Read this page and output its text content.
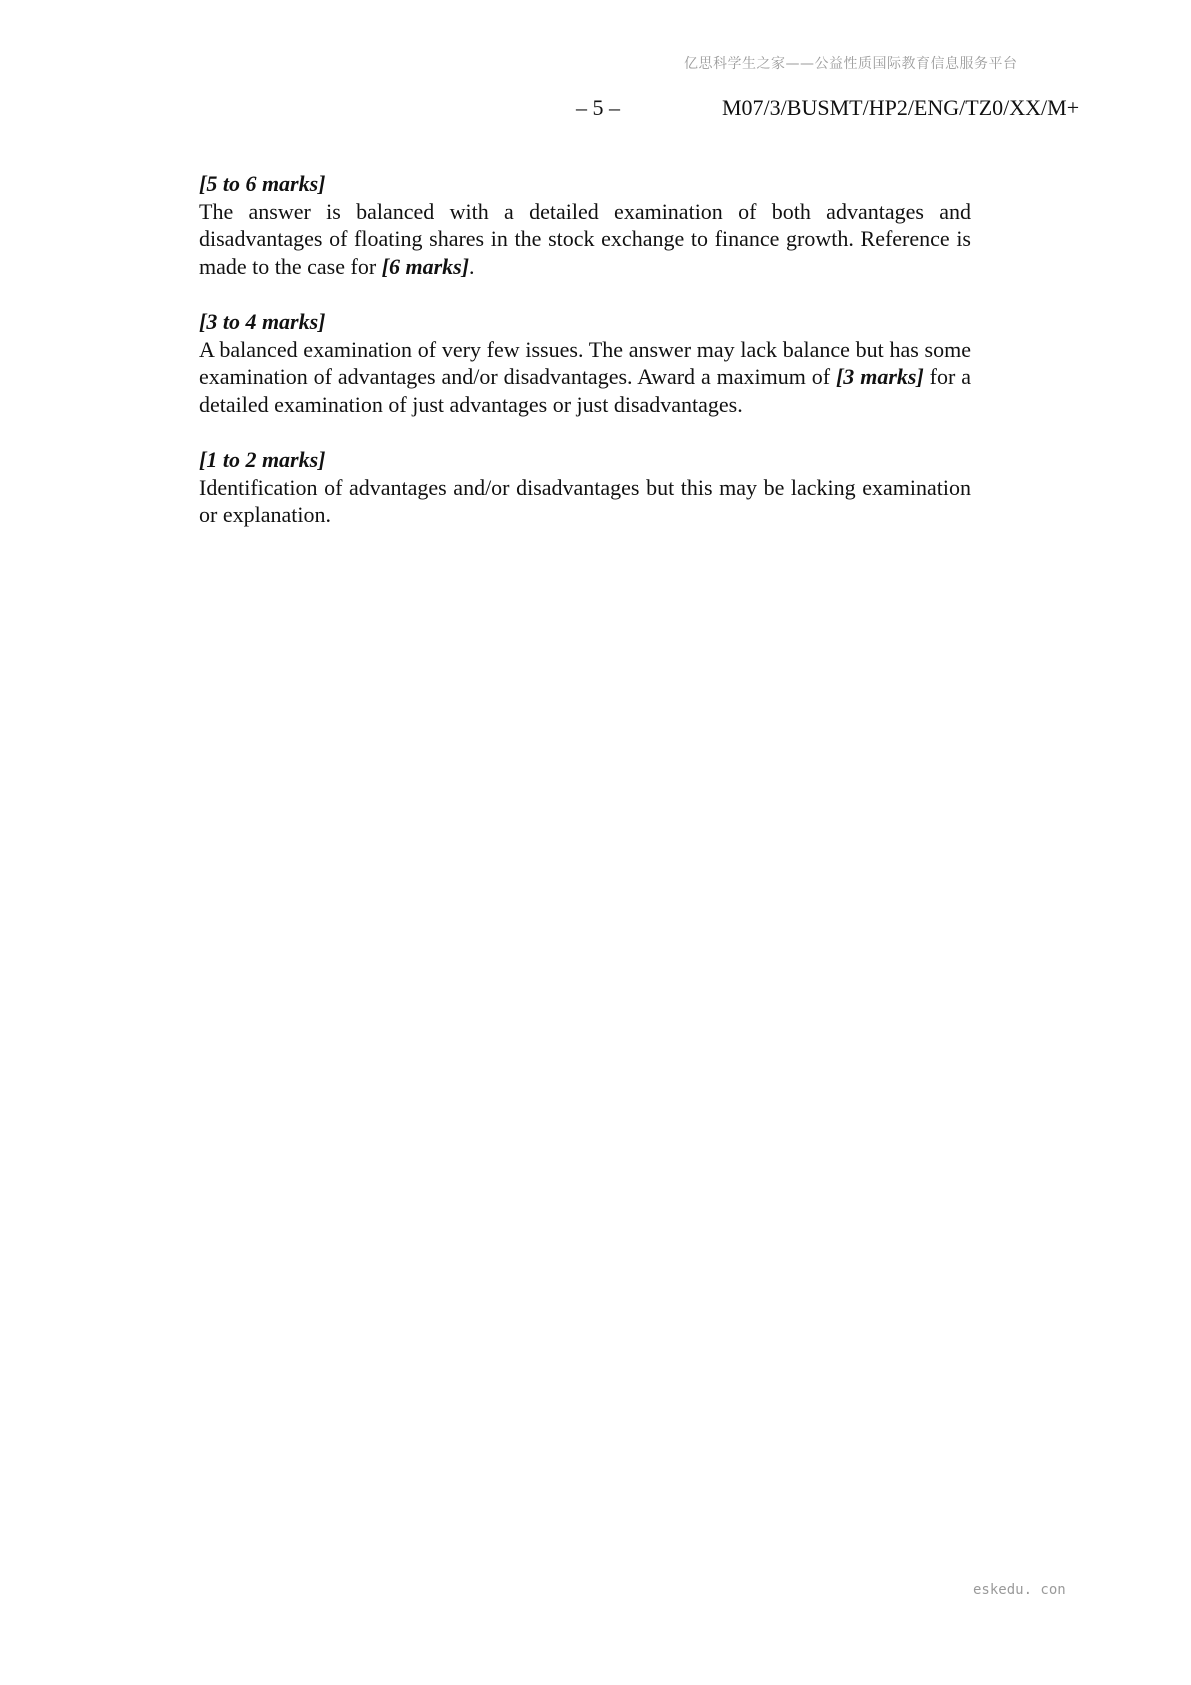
亿思科学生之家——公益性质国际教育信息服务平台
– 5 –	M07/3/BUSMT/HP2/ENG/TZ0/XX/M+

[5 to 6 marks]

The answer is balanced with a detailed examination of both advantages and disadvantages of floating shares in the stock exchange to finance growth. Reference is made to the case for [6 marks].

[3 to 4 marks]

A balanced examination of very few issues. The answer may lack balance but has some examination of advantages and/or disadvantages. Award a maximum of [3 marks] for a detailed examination of just advantages or just disadvantages.

[1 to 2 marks]

Identification of advantages and/or disadvantages but this may be lacking examination or explanation.

eskedu. con
